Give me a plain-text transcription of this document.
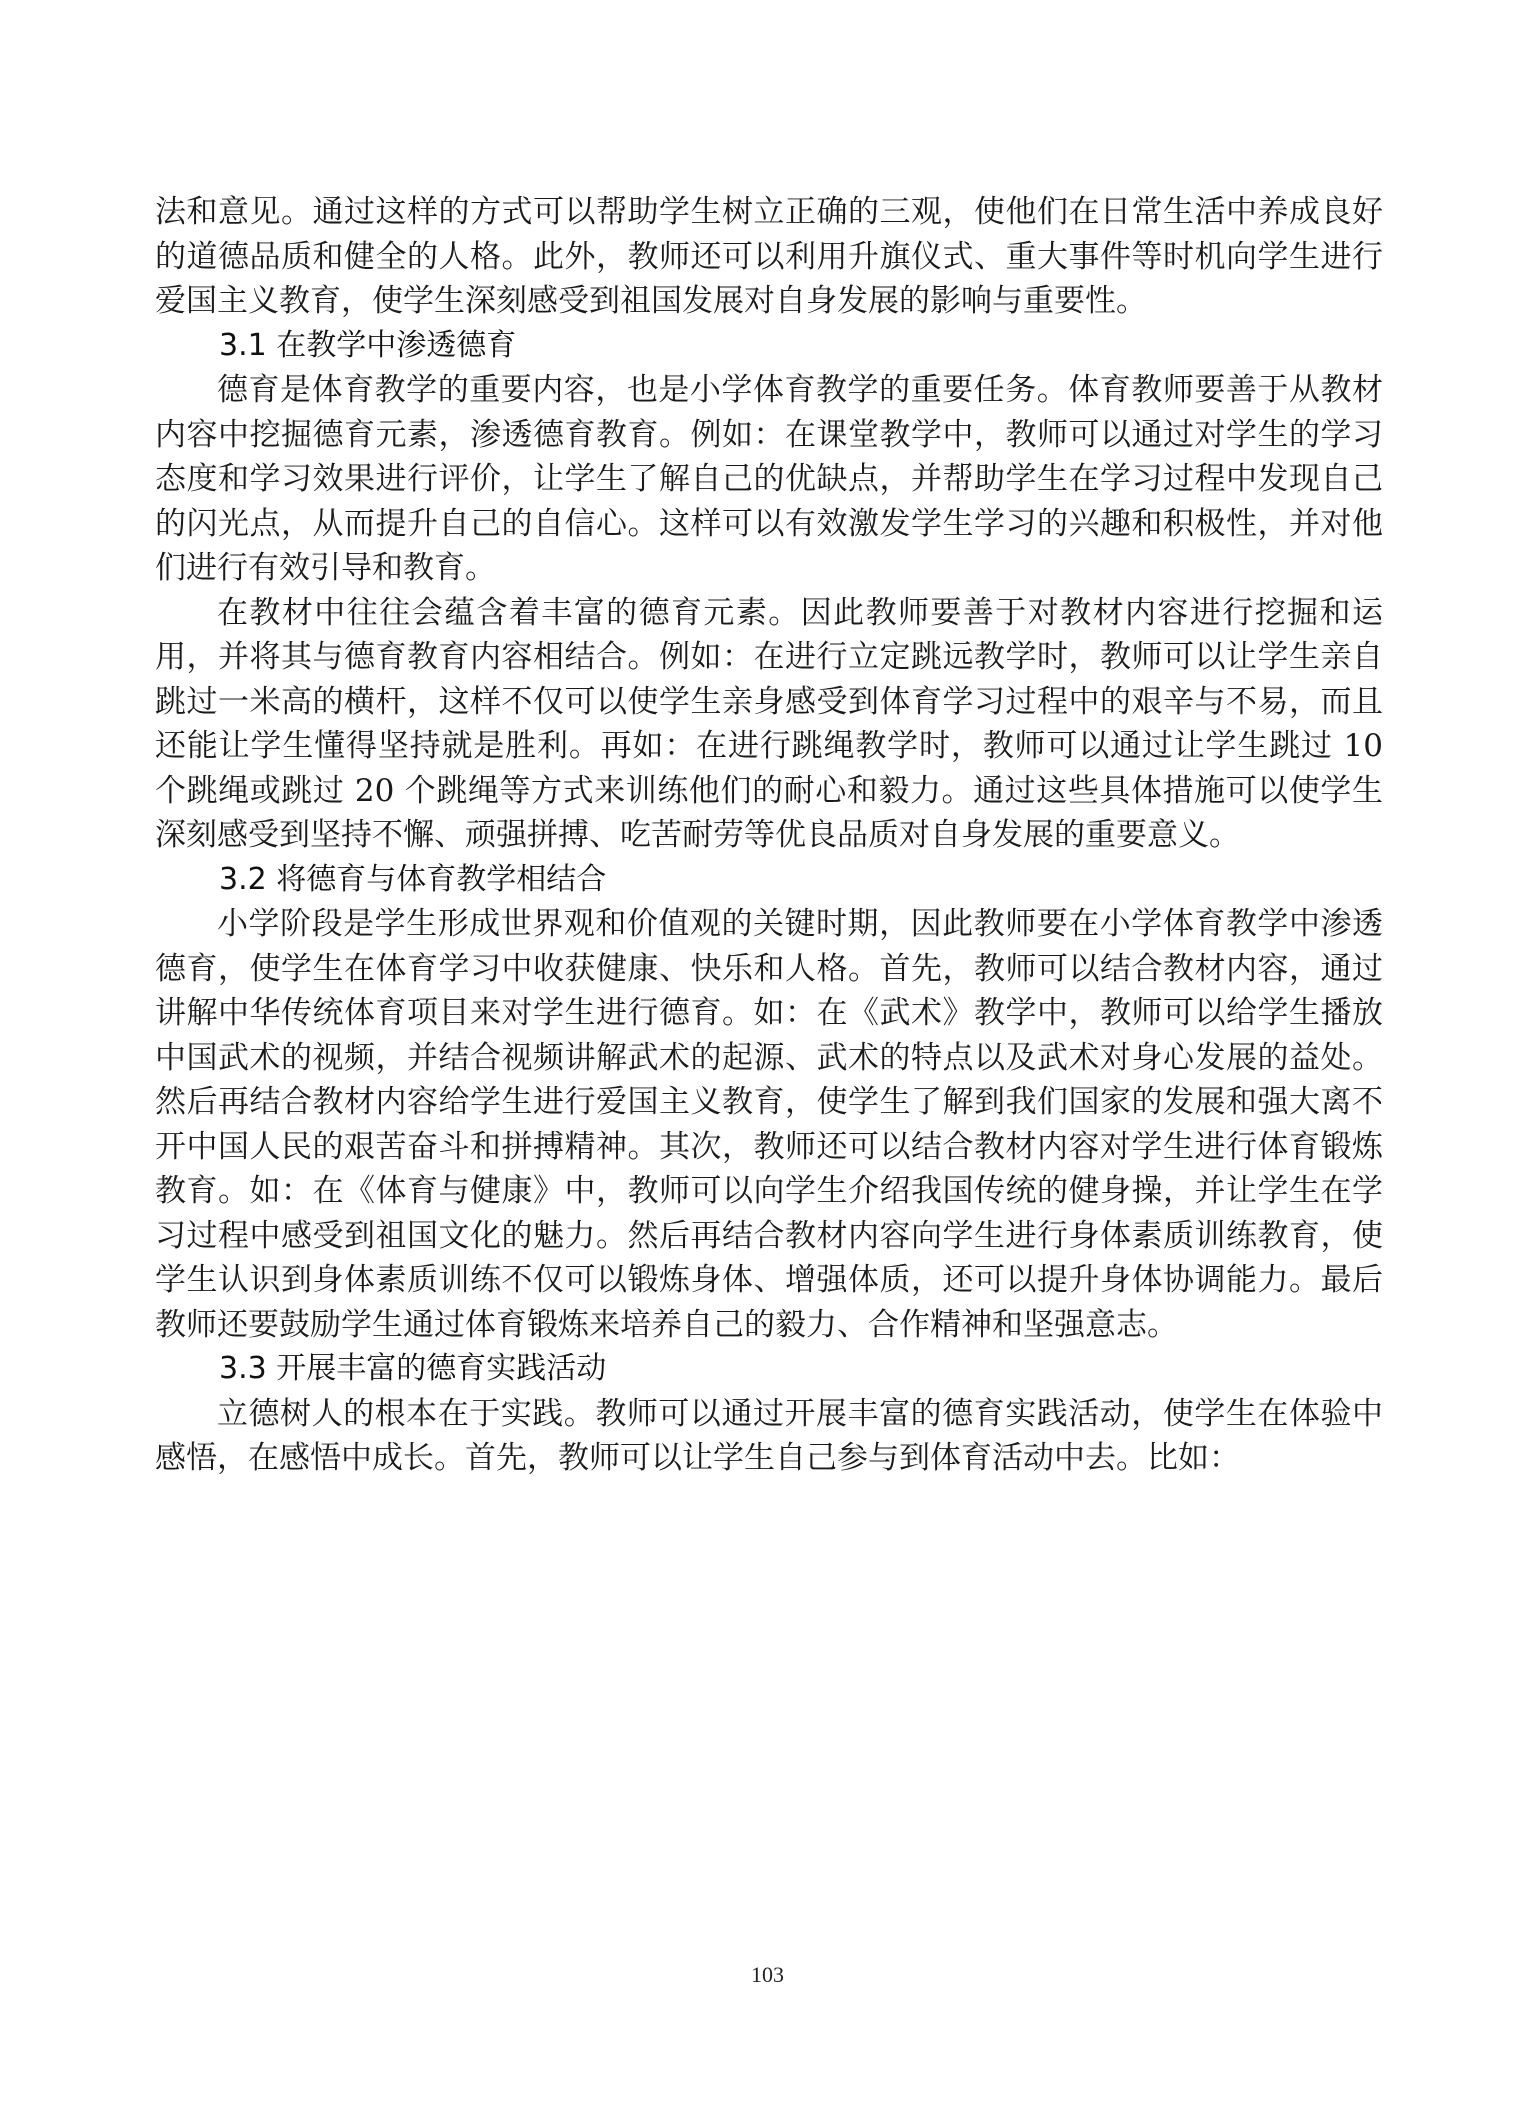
法和意见。通过这样的方式可以帮助学生树立正确的三观，使他们在日常生活中养成良好的道德品质和健全的人格。此外，教师还可以利用升旗仪式、重大事件等时机向学生进行爱国主义教育，使学生深刻感受到祖国发展对自身发展的影响与重要性。

3.1 在教学中渗透德育

德育是体育教学的重要内容，也是小学体育教学的重要任务。体育教师要善于从教材内容中挖掘德育元素，渗透德育教育。例如：在课堂教学中，教师可以通过对学生的学习态度和学习效果进行评价，让学生了解自己的优缺点，并帮助学生在学习过程中发现自己的闪光点，从而提升自己的自信心。这样可以有效激发学生学习的兴趣和积极性，并对他们进行有效引导和教育。

在教材中往往会蕴含着丰富的德育元素。因此教师要善于对教材内容进行挖掘和运用，并将其与德育教育内容相结合。例如：在进行立定跳远教学时，教师可以让学生亲自跳过一米高的横杆，这样不仅可以使学生亲身感受到体育学习过程中的艰辛与不易，而且还能让学生懂得坚持就是胜利。再如：在进行跳绳教学时，教师可以通过让学生跳过 10 个跳绳或跳过 20 个跳绳等方式来训练他们的耐心和毅力。通过这些具体措施可以使学生深刻感受到坚持不懈、顽强拼搏、吃苦耐劳等优良品质对自身发展的重要意义。

3.2 将德育与体育教学相结合

小学阶段是学生形成世界观和价值观的关键时期，因此教师要在小学体育教学中渗透德育，使学生在体育学习中收获健康、快乐和人格。首先，教师可以结合教材内容，通过讲解中华传统体育项目来对学生进行德育。如：在《武术》教学中，教师可以给学生播放中国武术的视频，并结合视频讲解武术的起源、武术的特点以及武术对身心发展的益处。然后再结合教材内容给学生进行爱国主义教育，使学生了解到我们国家的发展和强大离不开中国人民的艰苦奋斗和拼搏精神。其次，教师还可以结合教材内容对学生进行体育锻炼教育。如：在《体育与健康》中，教师可以向学生介绍我国传统的健身操，并让学生在学习过程中感受到祖国文化的魅力。然后再结合教材内容向学生进行身体素质训练教育，使学生认识到身体素质训练不仅可以锻炼身体、增强体质，还可以提升身体协调能力。最后教师还要鼓励学生通过体育锻炼来培养自己的毅力、合作精神和坚强意志。

3.3 开展丰富的德育实践活动

立德树人的根本在于实践。教师可以通过开展丰富的德育实践活动，使学生在体验中感悟，在感悟中成长。首先，教师可以让学生自己参与到体育活动中去。比如：

103
